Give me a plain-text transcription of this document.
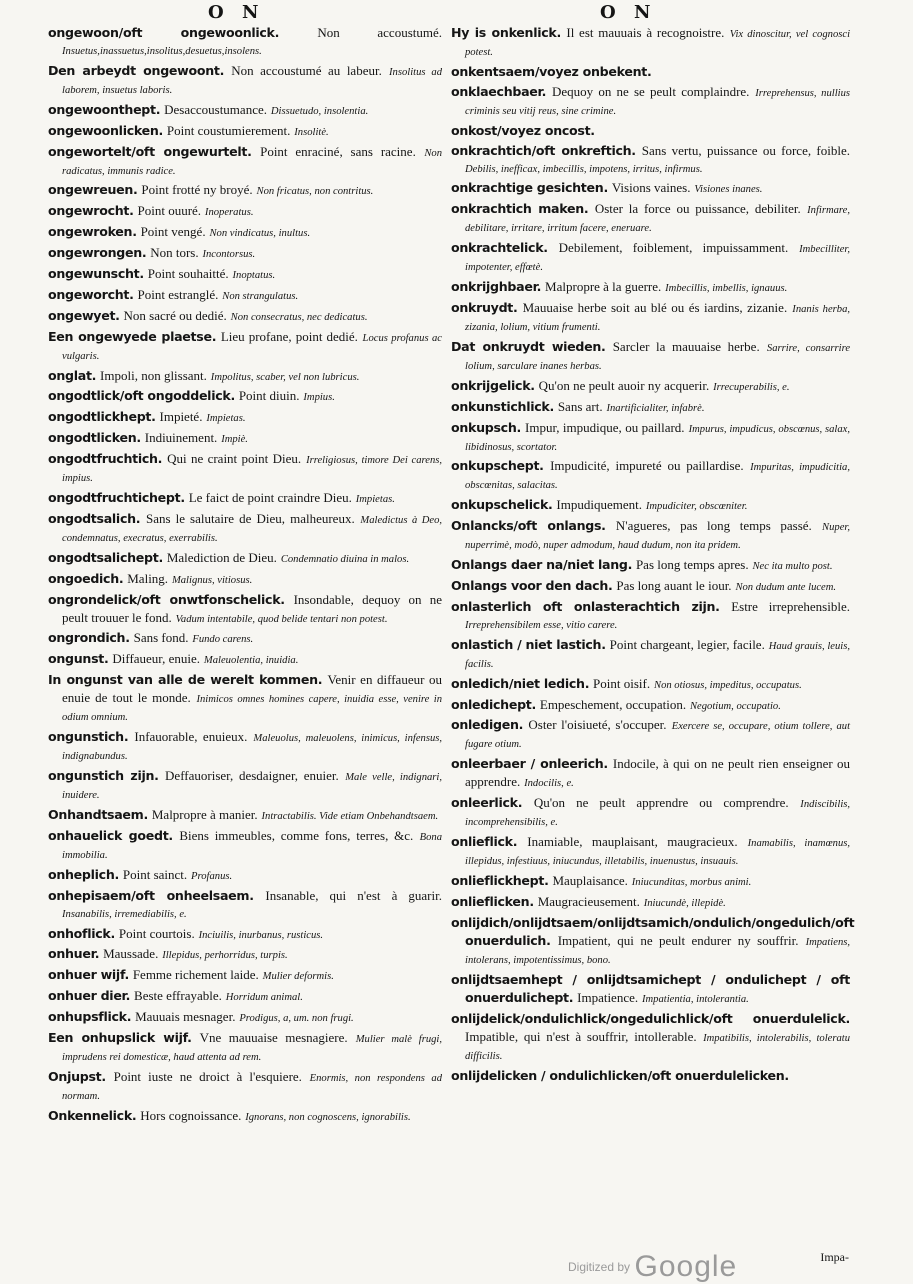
O N	O N

ongewoon/oft ongewoonlick.	Non accoustumé. Insuetus,inassuetus,insolitus,desuetus,insolens.

Den arbeydt ongewoont. Non accoustumé au labeur. Insolitus ad laborem, insuetus laboris.

ongewoonthept. Desaccoustumance. Dissuetudo, insolentia.

ongewoonlicken. Point coustumierement. Insolitè.

ongewortelt/oft ongewurtelt. Point enraciné, sans racine. Non radicatus, immunis radice.

ongewreuen. Point frotté ny broyé. Non fricatus, non contritus.

ongewrocht. Point ouuré. Inoperatus.

ongewroken. Point vengé. Non vindicatus, inultus.

ongewrongen. Non tors. Incontorsus.

ongewunscht. Point souhaitté. Inoptatus.

ongeworcht. Point estranglé. Non strangulatus.

ongewyet. Non sacré ou dedié. Non consecratus, nec dedicatus.

Een ongewyede plaetse. Lieu profane, point dedié. Locus profanus ac vulgaris.

onglat. Impoli, non glissant. Impolitus, scaber, vel non lubricus.

ongodtlick/oft ongoddelick. Point diuin. Impius.

ongodtlickhept. Impieté. Impietas.

ongodtlicken. Indiuinement. Impiè.

ongodtfruchtich. Qui ne craint point Dieu. Irreligiosus, timore Dei carens, impius.

ongodtfruchtichept. Le faict de point craindre Dieu. Impietas.

ongodtsalich. Sans le salutaire de Dieu, malheureux. Maledictus à Deo, condemnatus, execratus, exerrabilis.

ongodtsalichept. Malediction de Dieu. Condemnatio diuina in malos.

ongoedich. Maling. Malignus, vitiosus.

ongrondelick/oft onwtfonschelick. Insondable, dequoy on ne peult trouuer le fond. Vadum intentabile, quod belide tentari non potest.

ongrondich. Sans fond. Fundo carens.

ongunst. Diffaueur, enuie. Maleuolentia, inuidia.

In ongunst van alle de werelt kommen. Venir en diffaueur ou enuie de tout le monde. Inimicos omnes homines capere, inuidia esse, venire in odium omnium.

ongunstich. Infauorable, enuieux. Maleuolus, maleuolens, inimicus, infensus, indignabundus.

ongunstich zijn. Deffauoriser, desdaigner, enuier. Male velle, indignari, inuidere.

Onhandtsaem. Malpropre à manier. Intractabilis. Vide etiam Onbehandtsaem.

onhauelick goedt. Biens immeubles, comme fons, terres, &c. Bona immobilia.

onheplich. Point sainct. Profanus.

onhepisaem/oft onheelsaem. Insanable, qui n'est à guarir. Insanabilis, irremediabilis, e.

onhoflick. Point courtois. Inciuilis, inurbanus, rusticus.

onhuer. Maussade. Illepidus, perhorridus, turpis.

onhuer wijf. Femme richement laide. Mulier deformis.

onhuer dier. Beste effrayable. Horridum animal.

onhupsflick. Mauuais mesnager. Prodigus, a, um. non frugi.

Een onhupslick wijf. Vne mauuaise mesnagiere. Mulier malè frugi, imprudens rei domesticæ, haud attenta ad rem.

Onjupst. Point iuste ne droict à l'esquiere. Enormis, non respondens ad normam.

Onkennelick. Hors cognoissance. Ignorans, non cognoscens, ignorabilis.

Hy is onkenlick. Il est mauuais à recognoistre. Vix dinoscitur, vel cognosci potest.

onkentsaem/voyez onbekent.

onklaechbaer. Dequoy on ne se peult complaindre. Irreprehensus, nullius criminis seu vitij reus, sine crimine.

onkost/voyez oncost.

onkrachtich/oft onkreftich. Sans vertu, puissance ou force, foible. Debilis, inefficax, imbecillis, impotens, irritus, infirmus.

onkrachtige gesichten. Visions vaines. Visiones inanes.

onkrachtich maken. Oster la force ou puissance, debiliter. Infirmare, debilitare, irritare, irritum facere, eneruare.

onkrachtelick. Debilement, foiblement, impuissamment. Imbecilliter, impotenter, effœtè.

onkrijghbaer. Malpropre à la guerre. Imbecillis, imbellis, ignauus.

onkruydt. Mauuaise herbe soit au blé ou és iardins, zizanie. Inanis herba, zizania, lolium, vitium frumenti.

Dat onkruydt wieden. Sarcler la mauuaise herbe. Sarrire, consarrire lolium, sarculare inanes herbas.

onkrijgelick. Qu'on ne peult auoir ny acquerir. Irrecuperabilis, e.

onkunstichlick. Sans art. Inartificialiter, infabrè.

onkupsch. Impur, impudique, ou paillard. Impurus, impudicus, obscœnus, salax, libidinosus, scortator.

onkupschept. Impudicité, impureté ou paillardise. Impuritas, impudicitia, obscœnitas, salacitas.

onkupschelick. Impudiquement. Impudiciter, obscœniter.

Onlancks/oft onlangs. N'agueres, pas long temps passé. Nuper, nuperrimè, modò, nuper admodum, haud dudum, non ita pridem.

Onlangs daer na/niet lang. Pas long temps apres. Nec ita multo post.

Onlangs voor den dach. Pas long auant le iour. Non dudum ante lucem.

onlasterlich oft onlasterachtich zijn. Estre irreprehensible. Irreprehensibilem esse, vitio carere.

onlastich / niet lastich. Point chargeant, legier, facile. Haud grauis, leuis, facilis.

onledich/niet ledich. Point oisif. Non otiosus, impeditus, occupatus.

onledichept. Empeschement, occupation. Negotium, occupatio.

onledigen. Oster l'oisiueté, s'occuper. Exercere se, occupare, otium tollere, aut fugare otium.

onleerbaer / onleerich. Indocile, à qui on ne peult rien enseigner ou apprendre. Indocilis, e.

onleerlick. Qu'on ne peult apprendre ou comprendre. Indiscibilis, incomprehensibilis, e.

onlieflick. Inamiable, mauplaisant, maugracieux. Inamabilis, inamœnus, illepidus, infestiuus, iniucundus, illetabilis, inuenustus, insuauis.

onlieflickhept. Mauplaisance. Iniucunditas, morbus animi.

onlieflicken. Maugracieusement. Iniucundè, illepidè.

onlijdich/onlijdtsaem/onlijdtsamich/ondulich/ongedulich/oft onuerdulich. Impatient, qui ne peult endurer ny souffrir. Impatiens, intolerans, impotentissimus, bono.

onlijdtsaemhept / onlijdtsamichept / ondulichept / oft onuerdulichept. Impatience. Impatientia, intolerantia.

onlijdelick/ondulichlick/ongedulichlick/oft onuerdulelick. Impatible, qui n'est à souffrir, intollerable. Impatibilis, intolerabilis, toleratu difficilis.

onlijdelicken / ondulichlicken/oft onuerdulelicken.

Impa-
$^{Digitized by}$ Google
